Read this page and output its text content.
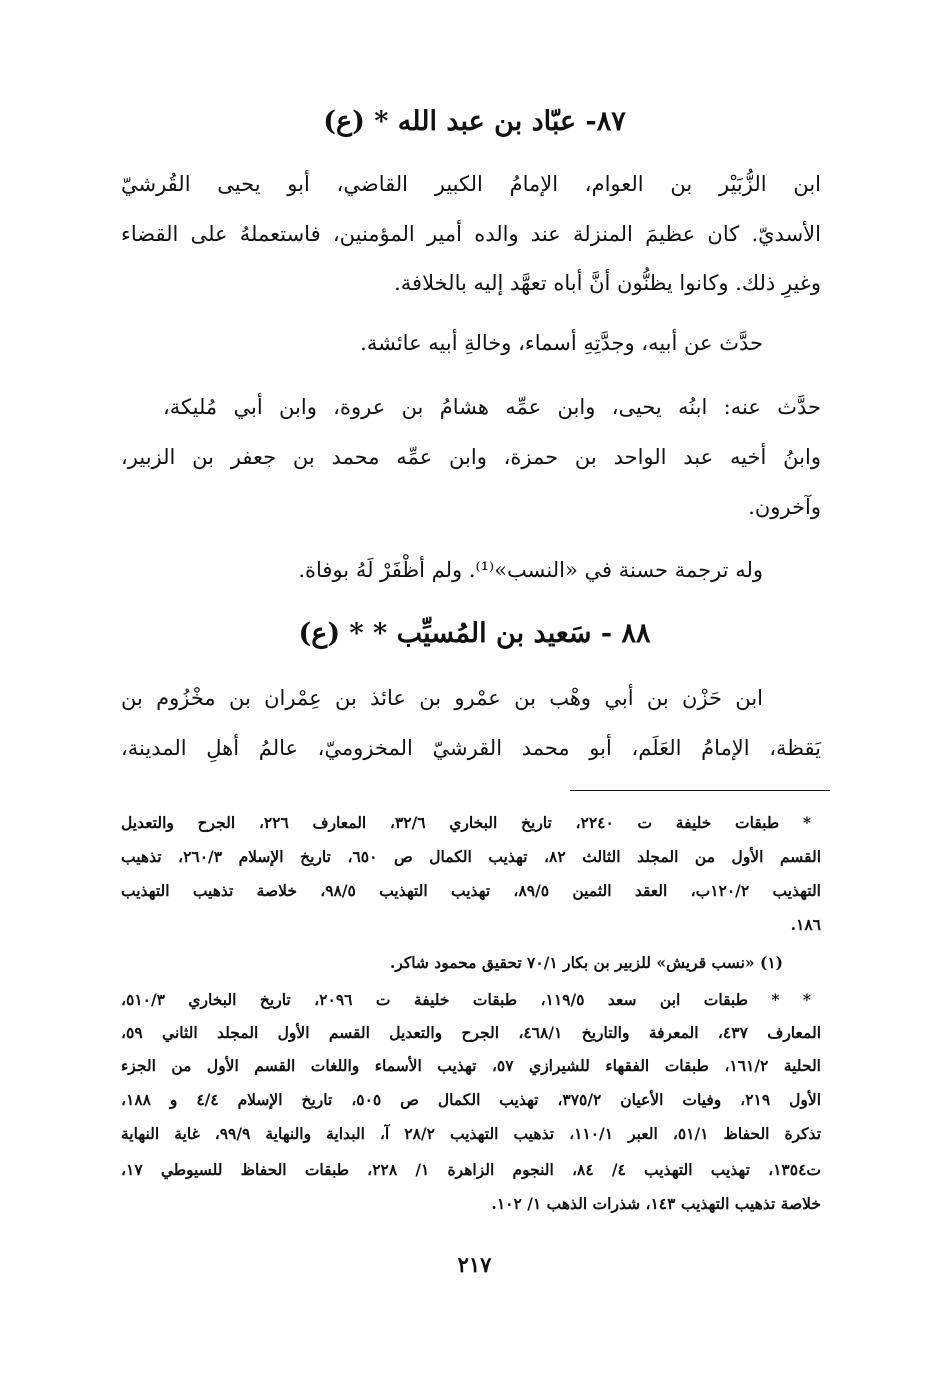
٨٧- عبّاد بن عبد الله * (ع)
ابن الزُّبَيْر بن العوام، الإمامُ الكبير القاضي، أبو يحيى القُرشيّ
الأسديّ. كان عظيمَ المنزلة عند والده أمير المؤمنين، فاستعملهُ على القضاء
وغيرِ ذلك. وكانوا يظنُّون أنَّ أباه تعهَّد إليه بالخلافة.
حدَّث عن أبيه، وجدَّتِهِ أسماء، وخالةِ أبيه عائشة.
حدَّث عنه: ابنُه يحيى، وابن عمِّه هشامُ بن عروة، وابن أبي مُليكة،
وابنُ أخيه عبد الواحد بن حمزة، وابن عمِّه محمد بن جعفر بن الزبير،
وآخرون.
وله ترجمة حسنة في «النسب»⁽¹⁾. ولم أظْفَرْ لَهُ بوفاة.
٨٨ - سَعيد بن المُسيِّب * * (ع)
ابن حَزْن بن أبي وهْب بن عمْرو بن عائذ بن عِمْران بن مخْزُوم بن
يَقظة، الإمامُ العَلَم، أبو محمد القرشيّ المخزوميّ، عالمُ أهلِ المدينة،
* طبقات خليفة ت ٢٢٤٠، تاريخ البخاري ٣٢/٦، المعارف ٢٢٦، الجرح والتعديل
القسم الأول من المجلد الثالث ٨٢، تهذيب الكمال ص ٦٥٠، تاريخ الإسلام ٢٦٠/٣، تذهيب
التهذيب ١٢٠/٢ب، العقد الثمين ٨٩/٥، تهذيب التهذيب ٩٨/٥، خلاصة تذهيب التهذيب
١٨٦.
(١) «نسب قريش» للزبير بن بكار ٧٠/١ تحقيق محمود شاكر.
* * طبقات ابن سعد ١١٩/٥، طبقات خليفة ت ٢٠٩٦، تاريخ البخاري ٥١٠/٣،
المعارف ٤٣٧، المعرفة والتاريخ ٤٦٨/١، الجرح والتعديل القسم الأول المجلد الثاني ٥٩،
الحلية ١٦١/٢، طبقات الفقهاء للشيرازي ٥٧، تهذيب الأسماء واللغات القسم الأول من الجزء
الأول ٢١٩، وفيات الأعيان ٣٧٥/٢، تهذيب الكمال ص ٥٠٥، تاريخ الإسلام ٤/٤ و ١٨٨،
تذكرة الحفاظ ٥١/١، العبر ١١٠/١، تذهيب التهذيب ٢٨/٢ آ، البداية والنهاية ٩٩/٩، غاية النهاية
ت١٣٥٤، تهذيب التهذيب ٤/ ٨٤، النجوم الزاهرة ١/ ٢٢٨، طبقات الحفاظ للسيوطي ١٧،
خلاصة تذهيب التهذيب ١٤٣، شذرات الذهب ١/ ١٠٢.
٢١٧
